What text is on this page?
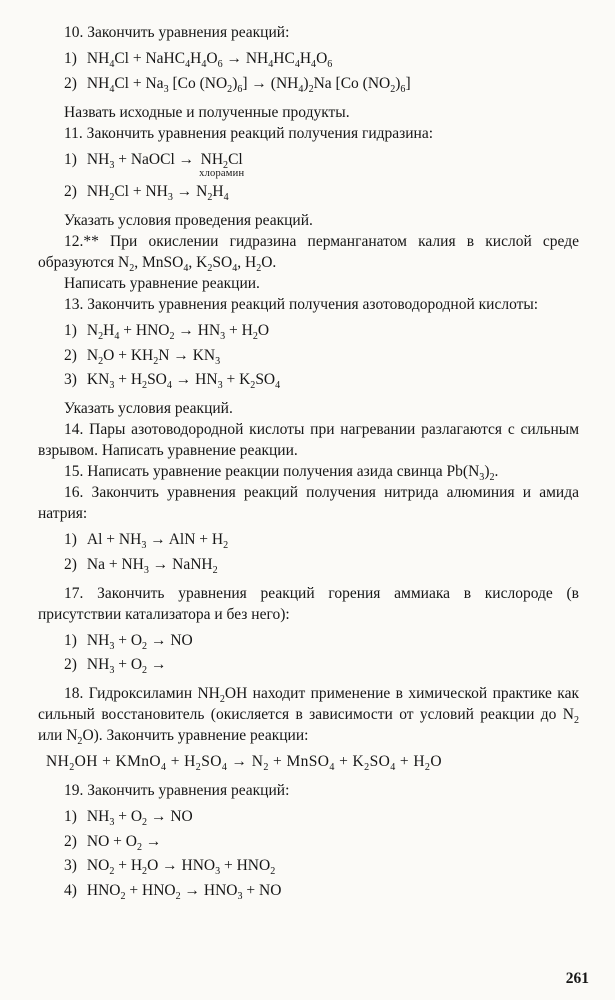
10. Закончить уравнения реакций:

1) $NH_4Cl$ + $NaHC_4H_4O_6 \to NH_4HC_4H_4O_6$
2) $NH_4Cl + Na_3$ [Co $(NO_2)_6] \to (NH_4)_2Na$ [Co $(NO_2)_6$]

Назвать исходные и полученные продукты.

11. Закончить уравнения реакций получения гидразина:

1) $NH_3$ + NaOCl → $NH_2Cl$
хлорамин
2) $NH_2Cl + NH_3 \to N_2H_4$

Указать условия проведения реакций.

12.** При окислении гидразина перманганатом калия в кислой среде образуются $N_2$, MnSO$_4$, $K_2SO_4$, $H_2O$.

Написать уравнение реакции.

13. Закончить уравнения реакций получения азотоводородной кислоты:

1) $N_2H_4 + HNO_2 \to HN_3 + H_2O$
2) $N_2O + KH_2N \to KN_3$
3) $KN_3 + H_2SO_4 \to HN_3 + K_2SO_4$

Указать условия реакций.

14. Пары азотоводородной кислоты при нагревании разлагаются с сильным взрывом. Написать уравнение реакции.

15. Написать уравнение реакции получения азида свинца $Pb(N_3)_2$.

16. Закончить уравнения реакций получения нитрида алюминия и амида натрия:

1) $Al + NH_3$ → AlN + $H_2$
2) $Na + NH_3$ → NaNH$_2$

17. Закончить уравнения реакций горения аммиака в кислороде (в присутствии катализатора и без него):

1) $NH_3 + O_2$ → NO
2) $NH_3 + O_2$ →

18. Гидроксиламин $NH_2OH$ находит применение в химической практике как сильный восстановитель (окисляется в зависимости от условий реакции до $N_2$ или $N_2O$). Закончить уравнение реакции:

$NH_2OH$ + KMnO$_4$ + $H_2SO_4 \to N_2$ + MnSO$_4$ + $K_2SO_4 + H_2O$

19. Закончить уравнения реакций:

1) $NH_3 + O_2$ → NO
2) NO + $O_2$ →
3) $NO_2 + H_2O \to HNO_3 + HNO_2$
4) $HNO_2 + HNO_2 \to HNO_3$ + NO
261
